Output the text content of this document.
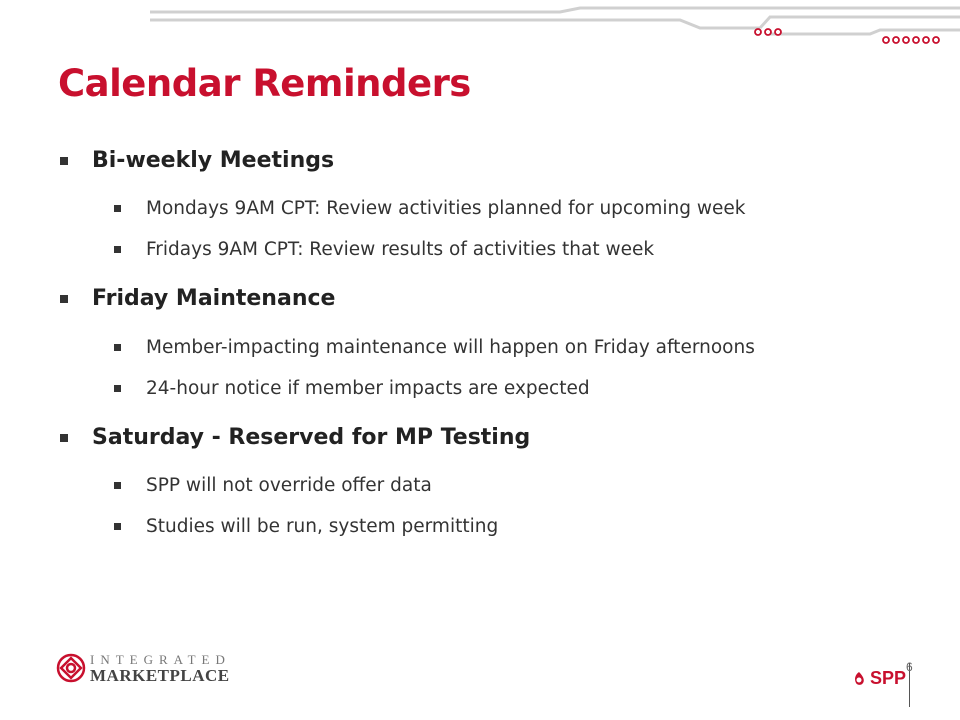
Calendar Reminders
Bi-weekly Meetings
Mondays 9AM CPT: Review activities planned for upcoming week
Fridays 9AM CPT: Review results of activities that week
Friday Maintenance
Member-impacting maintenance will happen on Friday afternoons
24-hour notice if member impacts are expected
Saturday - Reserved for MP Testing
SPP will not override offer data
Studies will be run, system permitting
INTEGRATED
MARKETPLACE	SPP
6
